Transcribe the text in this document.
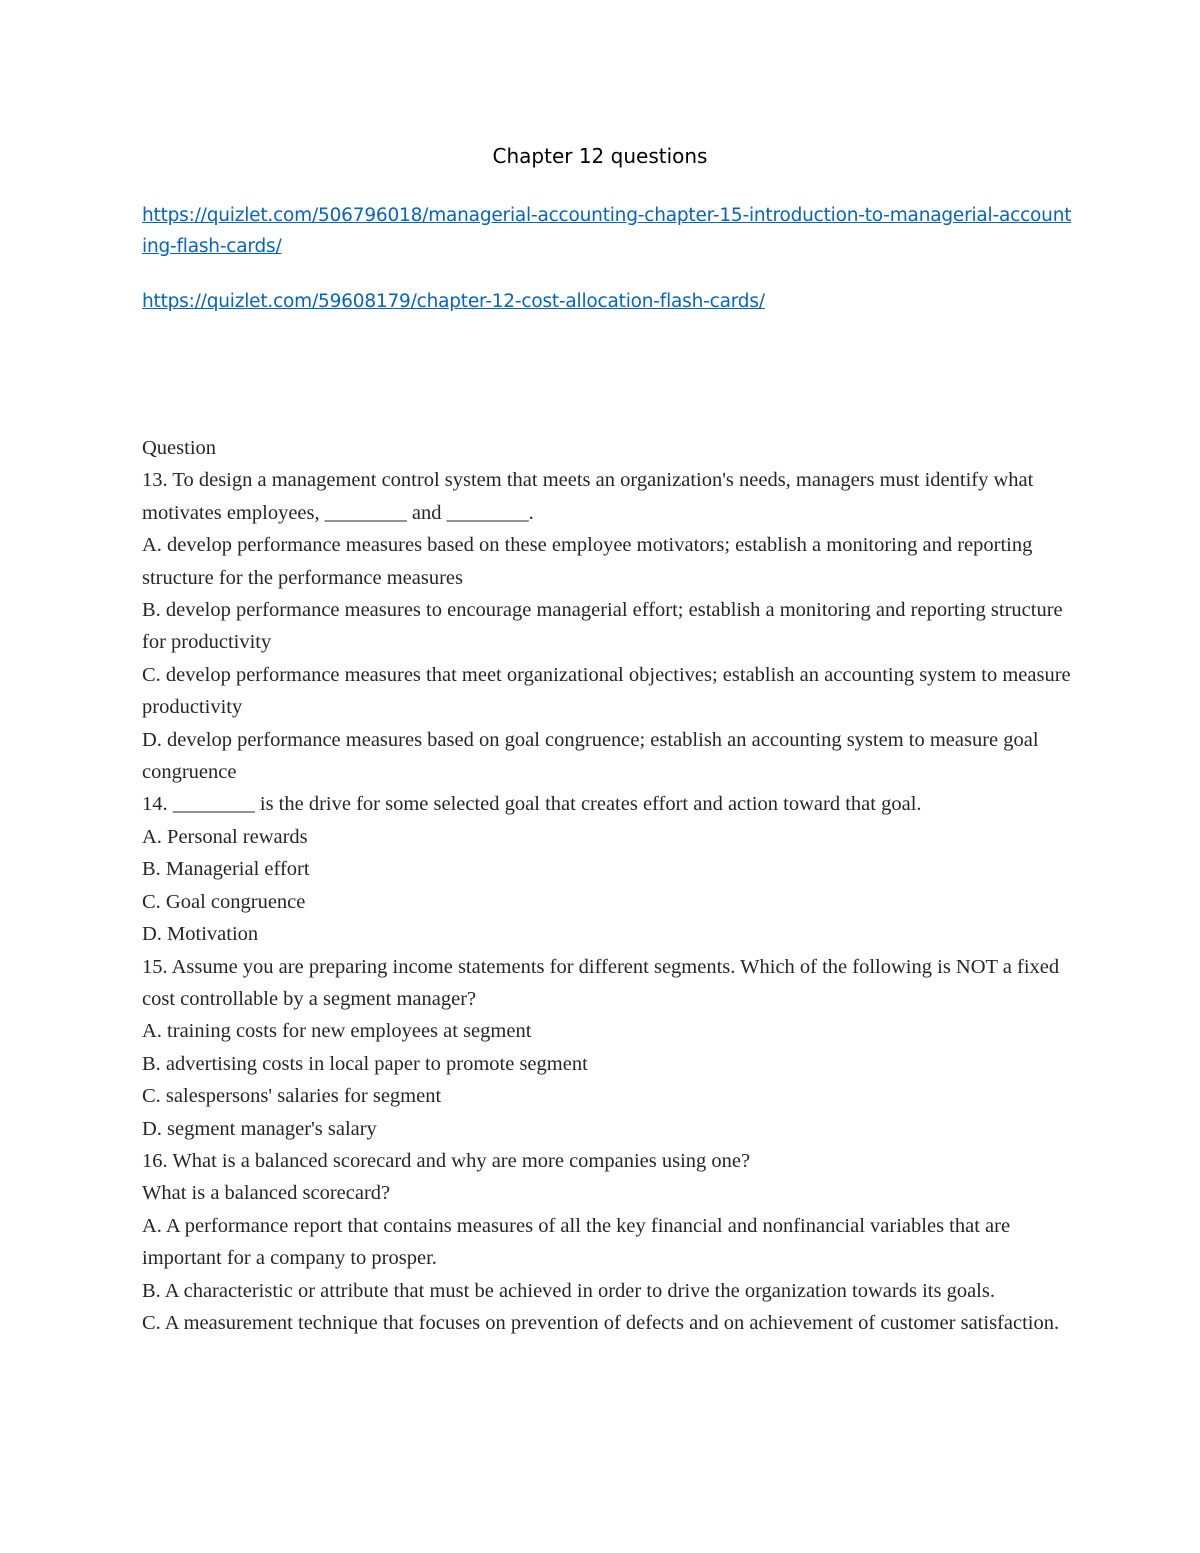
Chapter 12 questions
https://quizlet.com/506796018/managerial-accounting-chapter-15-introduction-to-managerial-accounting-flash-cards/
https://quizlet.com/59608179/chapter-12-cost-allocation-flash-cards/

Question

13. To design a management control system that meets an organization's needs, managers must identify what motivates employees, ________ and ________.

A. develop performance measures based on these employee motivators; establish a monitoring and reporting structure for the performance measures

B. develop performance measures to encourage managerial effort; establish a monitoring and reporting structure for productivity

C. develop performance measures that meet organizational objectives; establish an accounting system to measure productivity

D. develop performance measures based on goal congruence; establish an accounting system to measure goal congruence

14. ________ is the drive for some selected goal that creates effort and action toward that goal.

A. Personal rewards

B. Managerial effort

C. Goal congruence

D. Motivation

15. Assume you are preparing income statements for different segments. Which of the following is NOT a fixed cost controllable by a segment manager?

A. training costs for new employees at segment

B. advertising costs in local paper to promote segment

C. salespersons' salaries for segment

D. segment manager's salary

16. What is a balanced scorecard and why are more companies using one?

What is a balanced scorecard?

A. A performance report that contains measures of all the key financial and nonfinancial variables that are important for a company to prosper.

B. A characteristic or attribute that must be achieved in order to drive the organization towards its goals.

C. A measurement technique that focuses on prevention of defects and on achievement of customer satisfaction.
